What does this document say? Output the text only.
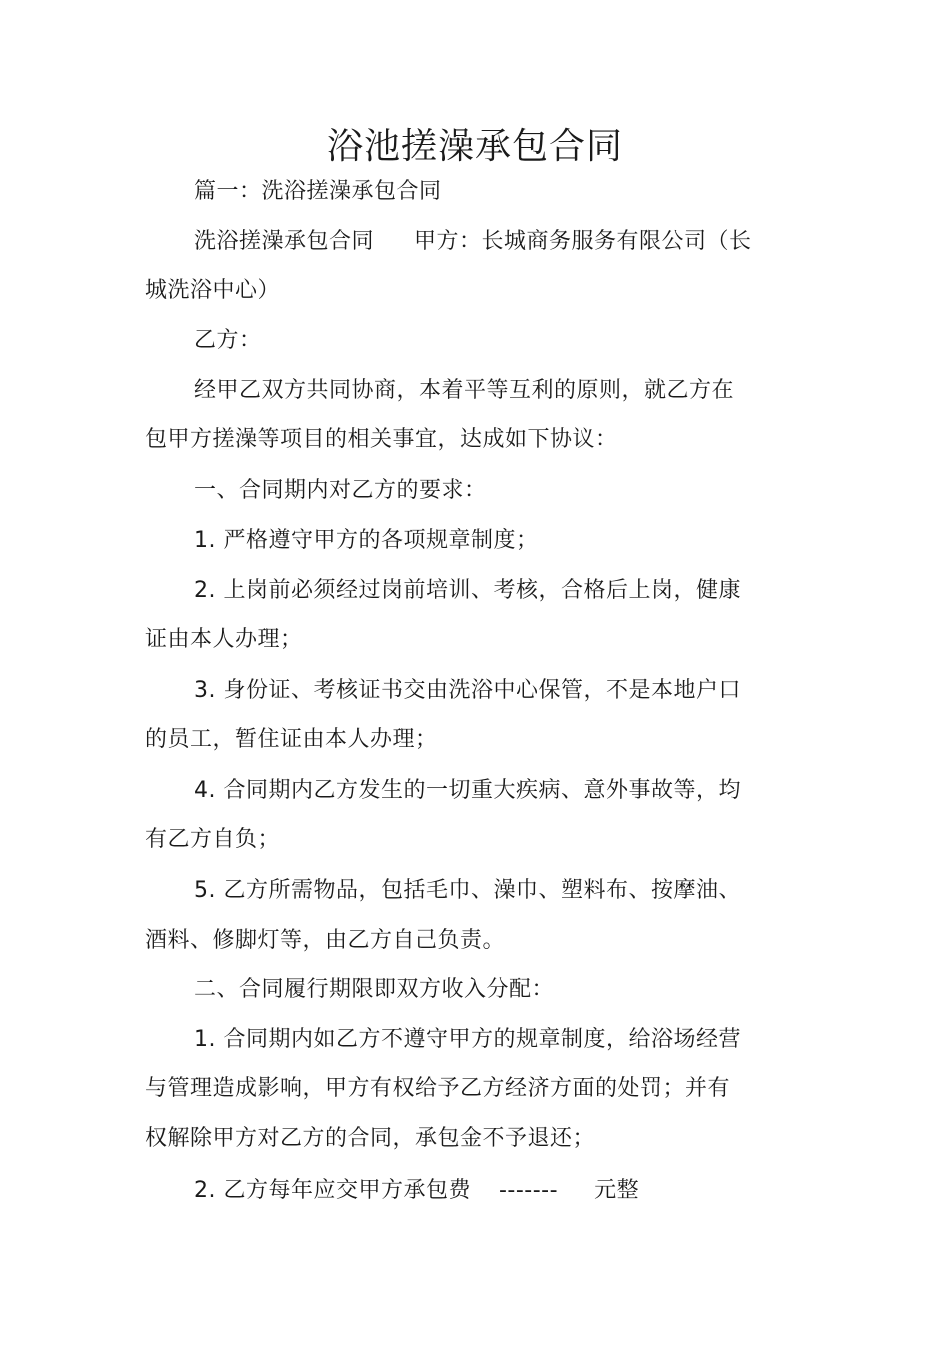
浴池搓澡承包合同
篇一：洗浴搓澡承包合同
洗浴搓澡承包合同 甲方：长城商务服务有限公司（长
城洗浴中心）
乙方：
经甲乙双方共同协商，本着平等互利的原则，就乙方在
包甲方搓澡等项目的相关事宜，达成如下协议：
一、合同期内对乙方的要求：
1. 严格遵守甲方的各项规章制度；
2. 上岗前必须经过岗前培训、考核，合格后上岗，健康
证由本人办理；
3. 身份证、考核证书交由洗浴中心保管，不是本地户口
的员工，暂住证由本人办理；
4. 合同期内乙方发生的一切重大疾病、意外事故等，均
有乙方自负；
5. 乙方所需物品，包括毛巾、澡巾、塑料布、按摩油、
酒料、修脚灯等，由乙方自己负责。
二、合同履行期限即双方收入分配：
1. 合同期内如乙方不遵守甲方的规章制度，给浴场经营
与管理造成影响，甲方有权给予乙方经济方面的处罚；并有
权解除甲方对乙方的合同，承包金不予退还；
2. 乙方每年应交甲方承包费 ------- 元整
